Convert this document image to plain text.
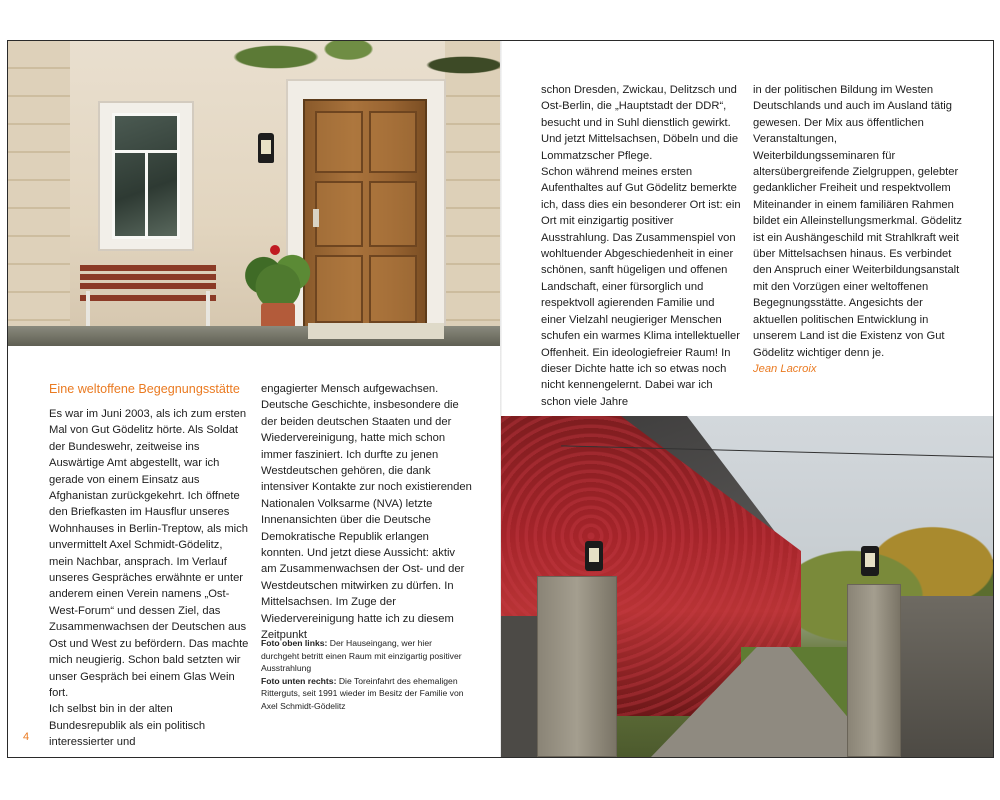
Eine weltoffene Begegnungsstätte

Es war im Juni 2003, als ich zum ersten Mal von Gut Gödelitz hörte. Als Soldat der Bundeswehr, zeitweise ins Auswärtige Amt abgestellt, war ich gerade von einem Einsatz aus Afghanistan zurückgekehrt. Ich öffnete den Briefkasten im Hausflur unseres Wohnhauses in Berlin-Treptow, als mich unvermittelt Axel Schmidt-Gödelitz, mein Nachbar, ansprach. Im Verlauf unseres Gespräches erwähnte er unter anderem einen Verein namens „Ost-West-Forum“ und dessen Ziel, das Zusammenwachsen der Deutschen aus Ost und West zu befördern. Das machte mich neugierig. Schon bald setzten wir unser Gespräch bei einem Glas Wein fort.

Ich selbst bin in der alten Bundesrepublik als ein politisch interessierter und

engagierter Mensch aufgewachsen. Deutsche Geschichte, insbesondere die der beiden deutschen Staaten und der Wiedervereinigung, hatte mich schon immer fasziniert. Ich durfte zu jenen Westdeutschen gehören, die dank intensiver Kontakte zur noch existierenden Nationalen Volksarme (NVA) letzte Innenansichten über die Deutsche Demokratische Republik erlangen konnten. Und jetzt diese Aussicht: aktiv am Zusammenwachsen der Ost- und der Westdeutschen mitwirken zu dürfen. In Mittelsachsen. Im Zuge der Wiedervereinigung hatte ich zu diesem Zeitpunkt

Foto oben links: Der Hauseingang, wer hier durchgeht betritt einen Raum mit einzigartig positiver Ausstrahlung

Foto unten rechts: Die Toreinfahrt des ehemaligen Ritterguts, seit 1991 wieder im Besitz der Familie von Axel Schmidt-Gödelitz

4

schon Dresden, Zwickau, Delitzsch und Ost-Berlin, die „Hauptstadt der DDR“, besucht und in Suhl dienstlich gewirkt. Und jetzt Mittelsachsen, Döbeln und die Lommatzscher Pflege.

Schon während meines ersten Aufenthaltes auf Gut Gödelitz bemerkte ich, dass dies ein besonderer Ort ist: ein Ort mit einzigartig positiver Ausstrahlung. Das Zusammenspiel von wohltuender Abgeschiedenheit in einer schönen, sanft hügeligen und offenen Landschaft, einer fürsorglich und respektvoll agierenden Familie und einer Vielzahl neugieriger Menschen schufen ein warmes Klima intellektueller Offenheit. Ein ideologiefreier Raum! In dieser Dichte hatte ich so etwas noch nicht kennengelernt. Dabei war ich schon viele Jahre

in der politischen Bildung im Westen Deutschlands und auch im Ausland tätig gewesen. Der Mix aus öffentlichen Veranstaltungen, Weiterbildungsseminaren für altersübergreifende Zielgruppen, gelebter gedanklicher Freiheit und respektvollem Miteinander in einem familiären Rahmen bildet ein Alleinstellungsmerkmal. Gödelitz ist ein Aushängeschild mit Strahlkraft weit über Mittelsachsen hinaus. Es verbindet den Anspruch einer Weiterbildungsanstalt mit den Vorzügen einer weltoffenen Begegnungsstätte. Angesichts der aktuellen politischen Entwicklung in unserem Land ist die Existenz von Gut Gödelitz wichtiger denn je.

Jean Lacroix
